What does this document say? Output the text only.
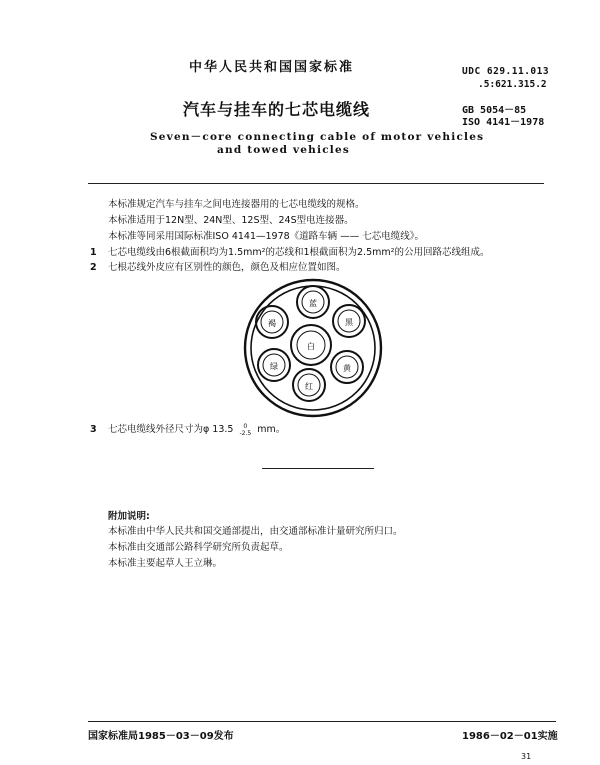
中华人民共和国国家标准	UDC 629.11.013
.5:621.315.2
汽车与挂车的七芯电缆线	GB 5054－85
ISO 4141－1978
Seven－core connecting cable of motor vehicles
and towed vehicles
本标准规定汽车与挂车之间电连接器用的七芯电缆线的规格。
本标准适用于12N型、24N型、12S型、24S型电连接器。
本标准等同采用国际标准ISO 4141—1978《道路车辆 —— 七芯电缆线》。
1 七芯电缆线由6根截面积均为1.5mm²的芯线和1根截面积为2.5mm²的公用回路芯线组成。
2 七根芯线外皮应有区别性的颜色，颜色及相应位置如图。
蓝
黑
黄
红
绿
褐
白
3 七芯电缆线外径尺寸为φ 13.5	0
-2.5 mm。
附加说明:
本标准由中华人民共和国交通部提出，由交通部标准计量研究所归口。
本标准由交通部公路科学研究所负责起草。
本标准主要起草人王立琳。
国家标准局1985－03－09发布	1986－02－01实施
31
